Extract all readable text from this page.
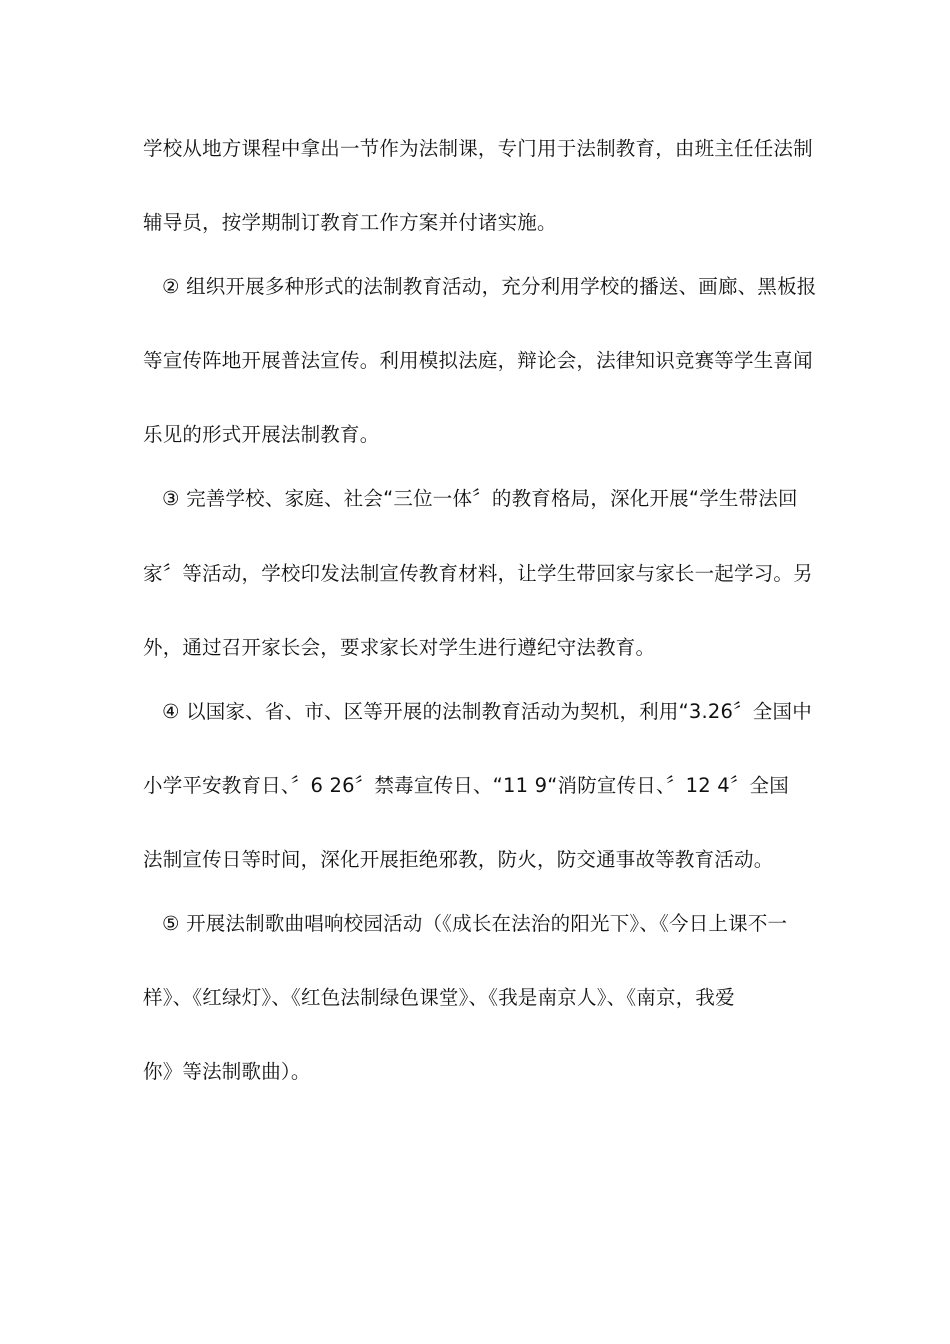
学校从地方课程中拿出一节作为法制课，专门用于法制教育，由班主任任法制
辅导员，按学期制订教育工作方案并付诸实施。
② 组织开展多种形式的法制教育活动，充分利用学校的播送、画廊、黑板报
等宣传阵地开展普法宣传。利用模拟法庭，辩论会，法律知识竞赛等学生喜闻
乐见的形式开展法制教育。
③ 完善学校、家庭、社会“三位一体〞的教育格局，深化开展“学生带法回
家〞等活动，学校印发法制宣传教育材料，让学生带回家与家长一起学习。另
外，通过召开家长会，要求家长对学生进行遵纪守法教育。
④ 以国家、省、市、区等开展的法制教育活动为契机，利用“3.26〞全国中
小学平安教育日、〞6 26〞禁毒宣传日、“11 9“消防宣传日、〞12 4〞全国
法制宣传日等时间，深化开展拒绝邪教，防火，防交通事故等教育活动。
⑤ 开展法制歌曲唱响校园活动（《成长在法治的阳光下》、《今日上课不一
样》、《红绿灯》、《红色法制绿色课堂》、《我是南京人》、《南京，我爱
你》等法制歌曲）。
